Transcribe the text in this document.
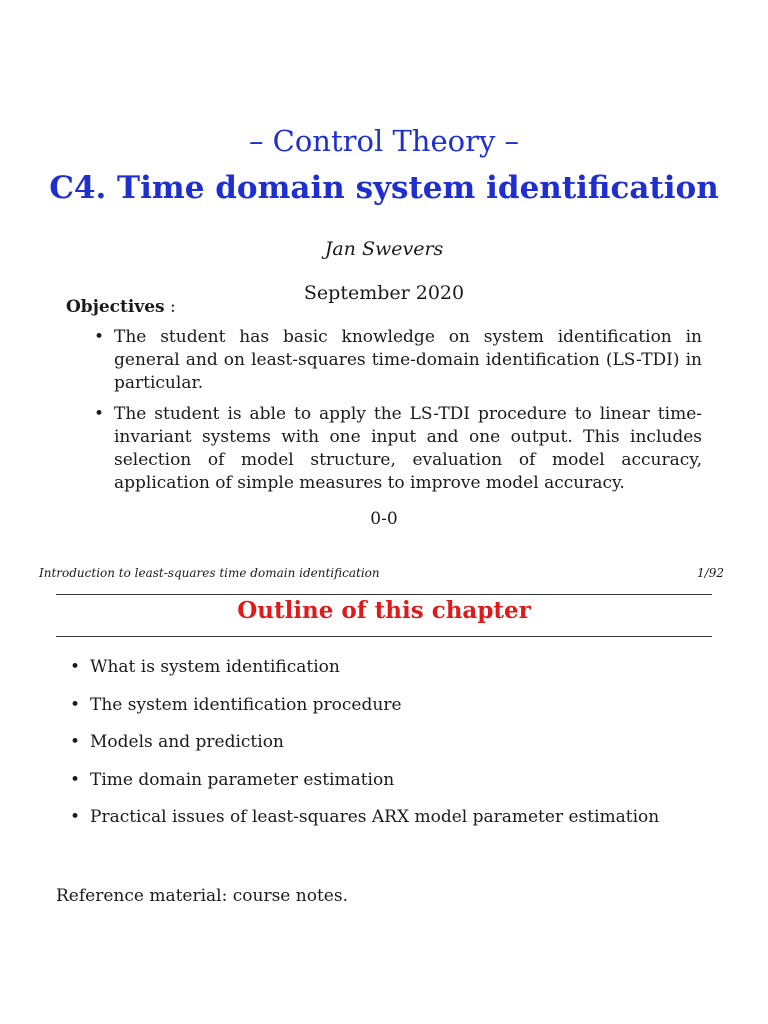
– Control Theory –
C4. Time domain system identification
Jan Swevers
September 2020
Objectives :
• The student has basic knowledge on system identification in general and on least-squares time-domain identification (LS-TDI) in particular.
• The student is able to apply the LS-TDI procedure to linear time-invariant systems with one input and one output. This includes selection of model structure, evaluation of model accuracy, application of simple measures to improve model accuracy.
0-0
Introduction to least-squares time domain identification	1/92
Outline of this chapter
• What is system identification
• The system identification procedure
• Models and prediction
• Time domain parameter estimation
• Practical issues of least-squares ARX model parameter estimation
Reference material: course notes.
